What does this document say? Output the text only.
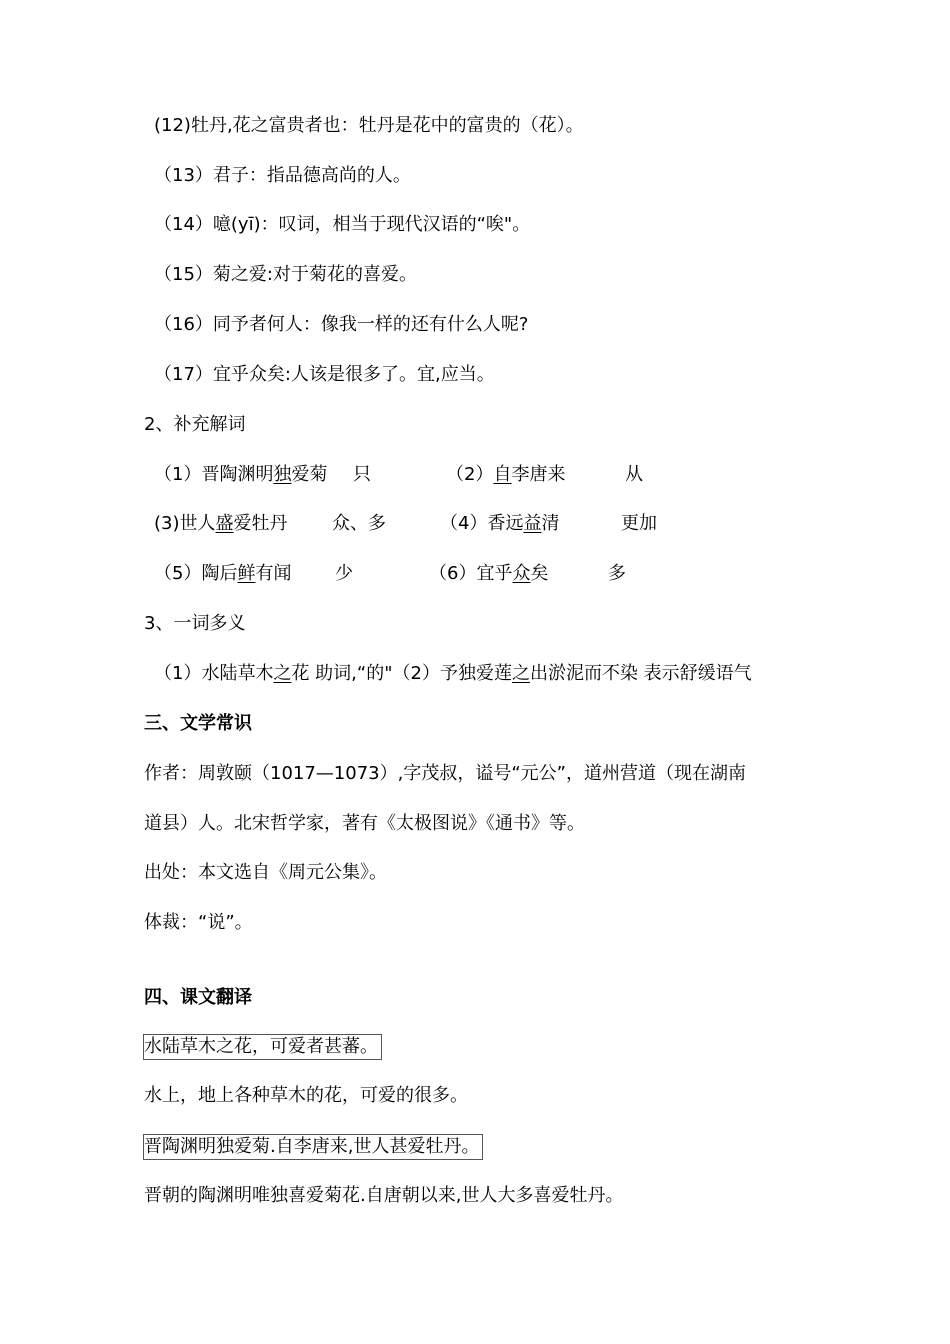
(12)牡丹,花之富贵者也：牡丹是花中的富贵的（花）。
（13）君子：指品德高尚的人。
（14）噫(yī)：叹词，相当于现代汉语的“唉"。
（15）菊之爱:对于菊花的喜爱。
（16）同予者何人：像我一样的还有什么人呢?
（17）宜乎众矣:人该是很多了。宜,应当。
2、补充解词
（1）晋陶渊明独爱菊 只	（2）自李唐来	从
(3)世人盛爱牡丹 众、多	（4）香远益清	更加
（5）陶后鲜有闻 少	（6）宜乎众矣	多
3、一词多义
（1）水陆草木之花 助词,“的"（2）予独爱莲之出淤泥而不染 表示舒缓语气
三、文学常识
作者：周敦颐（1017—1073）,字茂叔，谥号“元公”，道州营道（现在湖南
道县）人。北宋哲学家，著有《太极图说》《通书》等。
出处：本文选自《周元公集》。
体裁：“说”。
四、课文翻译
水陆草木之花，可爱者甚蕃。
水上，地上各种草木的花，可爱的很多。
晋陶渊明独爱菊.自李唐来,世人甚爱牡丹。
晋朝的陶渊明唯独喜爱菊花.自唐朝以来,世人大多喜爱牡丹。
